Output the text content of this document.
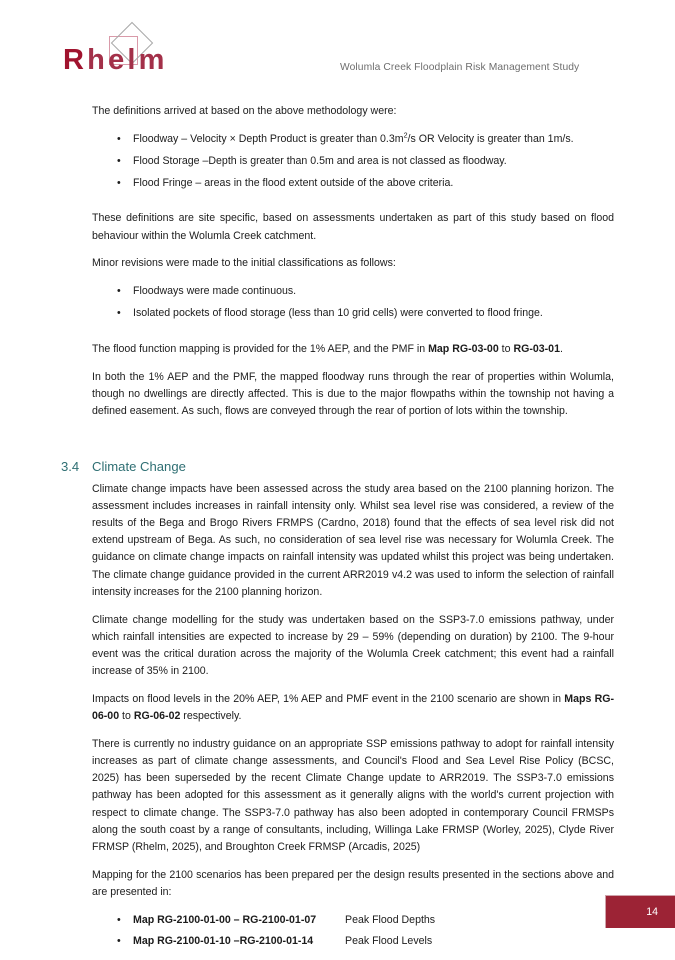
Rhelm	Wolumla Creek Floodplain Risk Management Study

The definitions arrived at based on the above methodology were:

• Floodway – Velocity × Depth Product is greater than $0.3m^2/s$ OR Velocity is greater than 1m/s.
• Flood Storage –Depth is greater than 0.5m and area is not classed as floodway.
• Flood Fringe – areas in the flood extent outside of the above criteria.

These definitions are site specific, based on assessments undertaken as part of this study based on flood behaviour within the Wolumla Creek catchment.

Minor revisions were made to the initial classifications as follows:

• Floodways were made continuous.
• Isolated pockets of flood storage (less than 10 grid cells) were converted to flood fringe.

The flood function mapping is provided for the 1% AEP, and the PMF in Map RG-03-00 to RG-03-01.

In both the 1% AEP and the PMF, the mapped floodway runs through the rear of properties within Wolumla, though no dwellings are directly affected. This is due to the major flowpaths within the township not having a defined easement. As such, flows are conveyed through the rear of portion of lots within the township.

3.4 Climate Change

Climate change impacts have been assessed across the study area based on the 2100 planning horizon. The assessment includes increases in rainfall intensity only. Whilst sea level rise was considered, a review of the results of the Bega and Brogo Rivers FRMPS (Cardno, 2018) found that the effects of sea level risk did not extend upstream of Bega. As such, no consideration of sea level rise was necessary for Wolumla Creek. The guidance on climate change impacts on rainfall intensity was updated whilst this project was being undertaken. The climate change guidance provided in the current ARR2019 v4.2 was used to inform the selection of rainfall intensity increases for the 2100 planning horizon.

Climate change modelling for the study was undertaken based on the SSP3-7.0 emissions pathway, under which rainfall intensities are expected to increase by 29 – 59% (depending on duration) by 2100. The 9-hour event was the critical duration across the majority of the Wolumla Creek catchment; this event had a rainfall increase of 35% in 2100.

Impacts on flood levels in the 20% AEP, 1% AEP and PMF event in the 2100 scenario are shown in Maps RG-06-00 to RG-06-02 respectively.

There is currently no industry guidance on an appropriate SSP emissions pathway to adopt for rainfall intensity increases as part of climate change assessments, and Council's Flood and Sea Level Rise Policy (BCSC, 2025) has been superseded by the recent Climate Change update to ARR2019. The SSP3-7.0 emissions pathway has been adopted for this assessment as it generally aligns with the world's current projection with respect to climate change. The SSP3-7.0 pathway has also been adopted in contemporary Council FRMSPs along the south coast by a range of consultants, including, Willinga Lake FRMSP (Worley, 2025), Clyde River FRMSP (Rhelm, 2025), and Broughton Creek FRMSP (Arcadis, 2025)

Mapping for the 2100 scenarios has been prepared per the design results presented in the sections above and are presented in:

• Map RG-2100-01-00 – RG-2100-01-07	Peak Flood Depths
• Map RG-2100-01-10 –RG-2100-01-14	Peak Flood Levels
14
